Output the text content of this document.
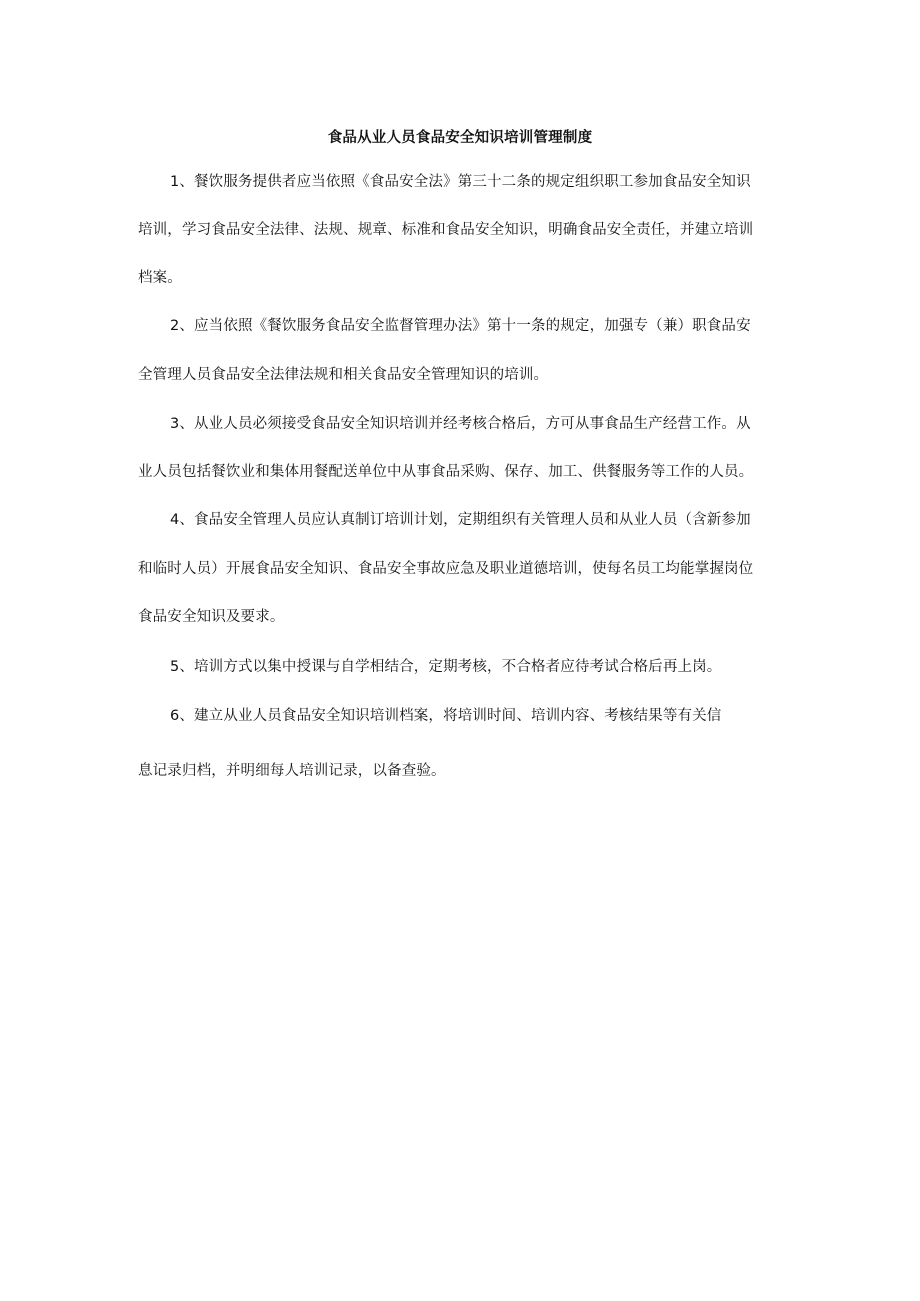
食品从业人员食品安全知识培训管理制度
1、餐饮服务提供者应当依照《食品安全法》第三十二条的规定组织职工参加食品安全知识
培训，学习食品安全法律、法规、规章、标准和食品安全知识，明确食品安全责任，并建立培训
档案。
2、应当依照《餐饮服务食品安全监督管理办法》第十一条的规定，加强专（兼）职食品安
全管理人员食品安全法律法规和相关食品安全管理知识的培训。
3、从业人员必须接受食品安全知识培训并经考核合格后，方可从事食品生产经营工作。从
业人员包括餐饮业和集体用餐配送单位中从事食品采购、保存、加工、供餐服务等工作的人员。
4、食品安全管理人员应认真制订培训计划，定期组织有关管理人员和从业人员（含新参加
和临时人员）开展食品安全知识、食品安全事故应急及职业道德培训，使每名员工均能掌握岗位
食品安全知识及要求。
5、培训方式以集中授课与自学相结合，定期考核，不合格者应待考试合格后再上岗。
6、建立从业人员食品安全知识培训档案，将培训时间、培训内容、考核结果等有关信
息记录归档，并明细每人培训记录，以备查验。
